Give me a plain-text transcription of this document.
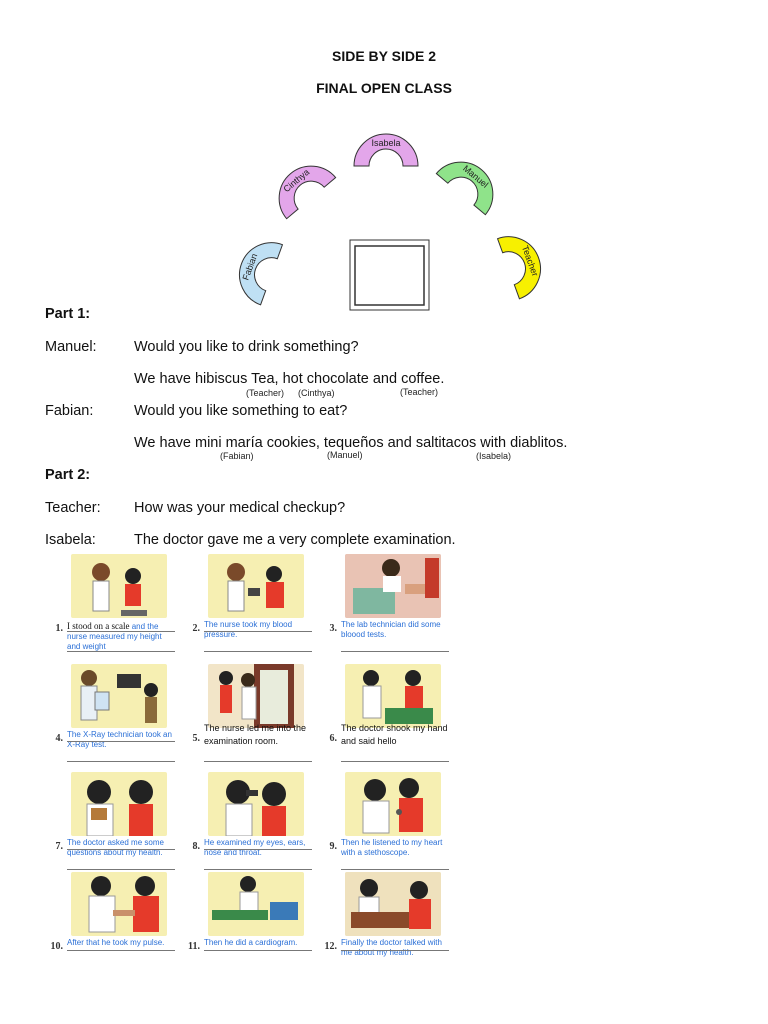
SIDE BY SIDE 2
FINAL OPEN CLASS
Isabela
Cinthya	Manuel
Fabian	Teacher
Part 1:
Manuel:	Would you like to drink something?
We have hibiscus Tea, hot chocolate and coffee.
(Teacher) (Cinthya)	(Teacher)
Fabian:	Would you like something to eat?
We have mini maría cookies, tequeños and saltitacos with diablitos.
(Fabian)	(Manuel)	(Isabela)
Part 2:
Teacher: How was your medical checkup?
Isabela:	The doctor gave me a very complete examination.
1. I stood on a scale and the nurse measured my height and weight
2. The nurse took my blood pressure.
3. The lab technician did some bloood tests.
4. The X-Ray technician took an X-Ray test.
5.
The nurse led me into the examination room.	6.
The doctor shook my hand and said hello
7. The doctor asked me some questions about my health.
8. He examined my eyes, ears, nose and throat.
9. Then he listened to my heart with a stethoscope.
10. After that he took my pulse.	11. Then he did a cardiogram.	12. Finally the doctor talked with me about my health.
